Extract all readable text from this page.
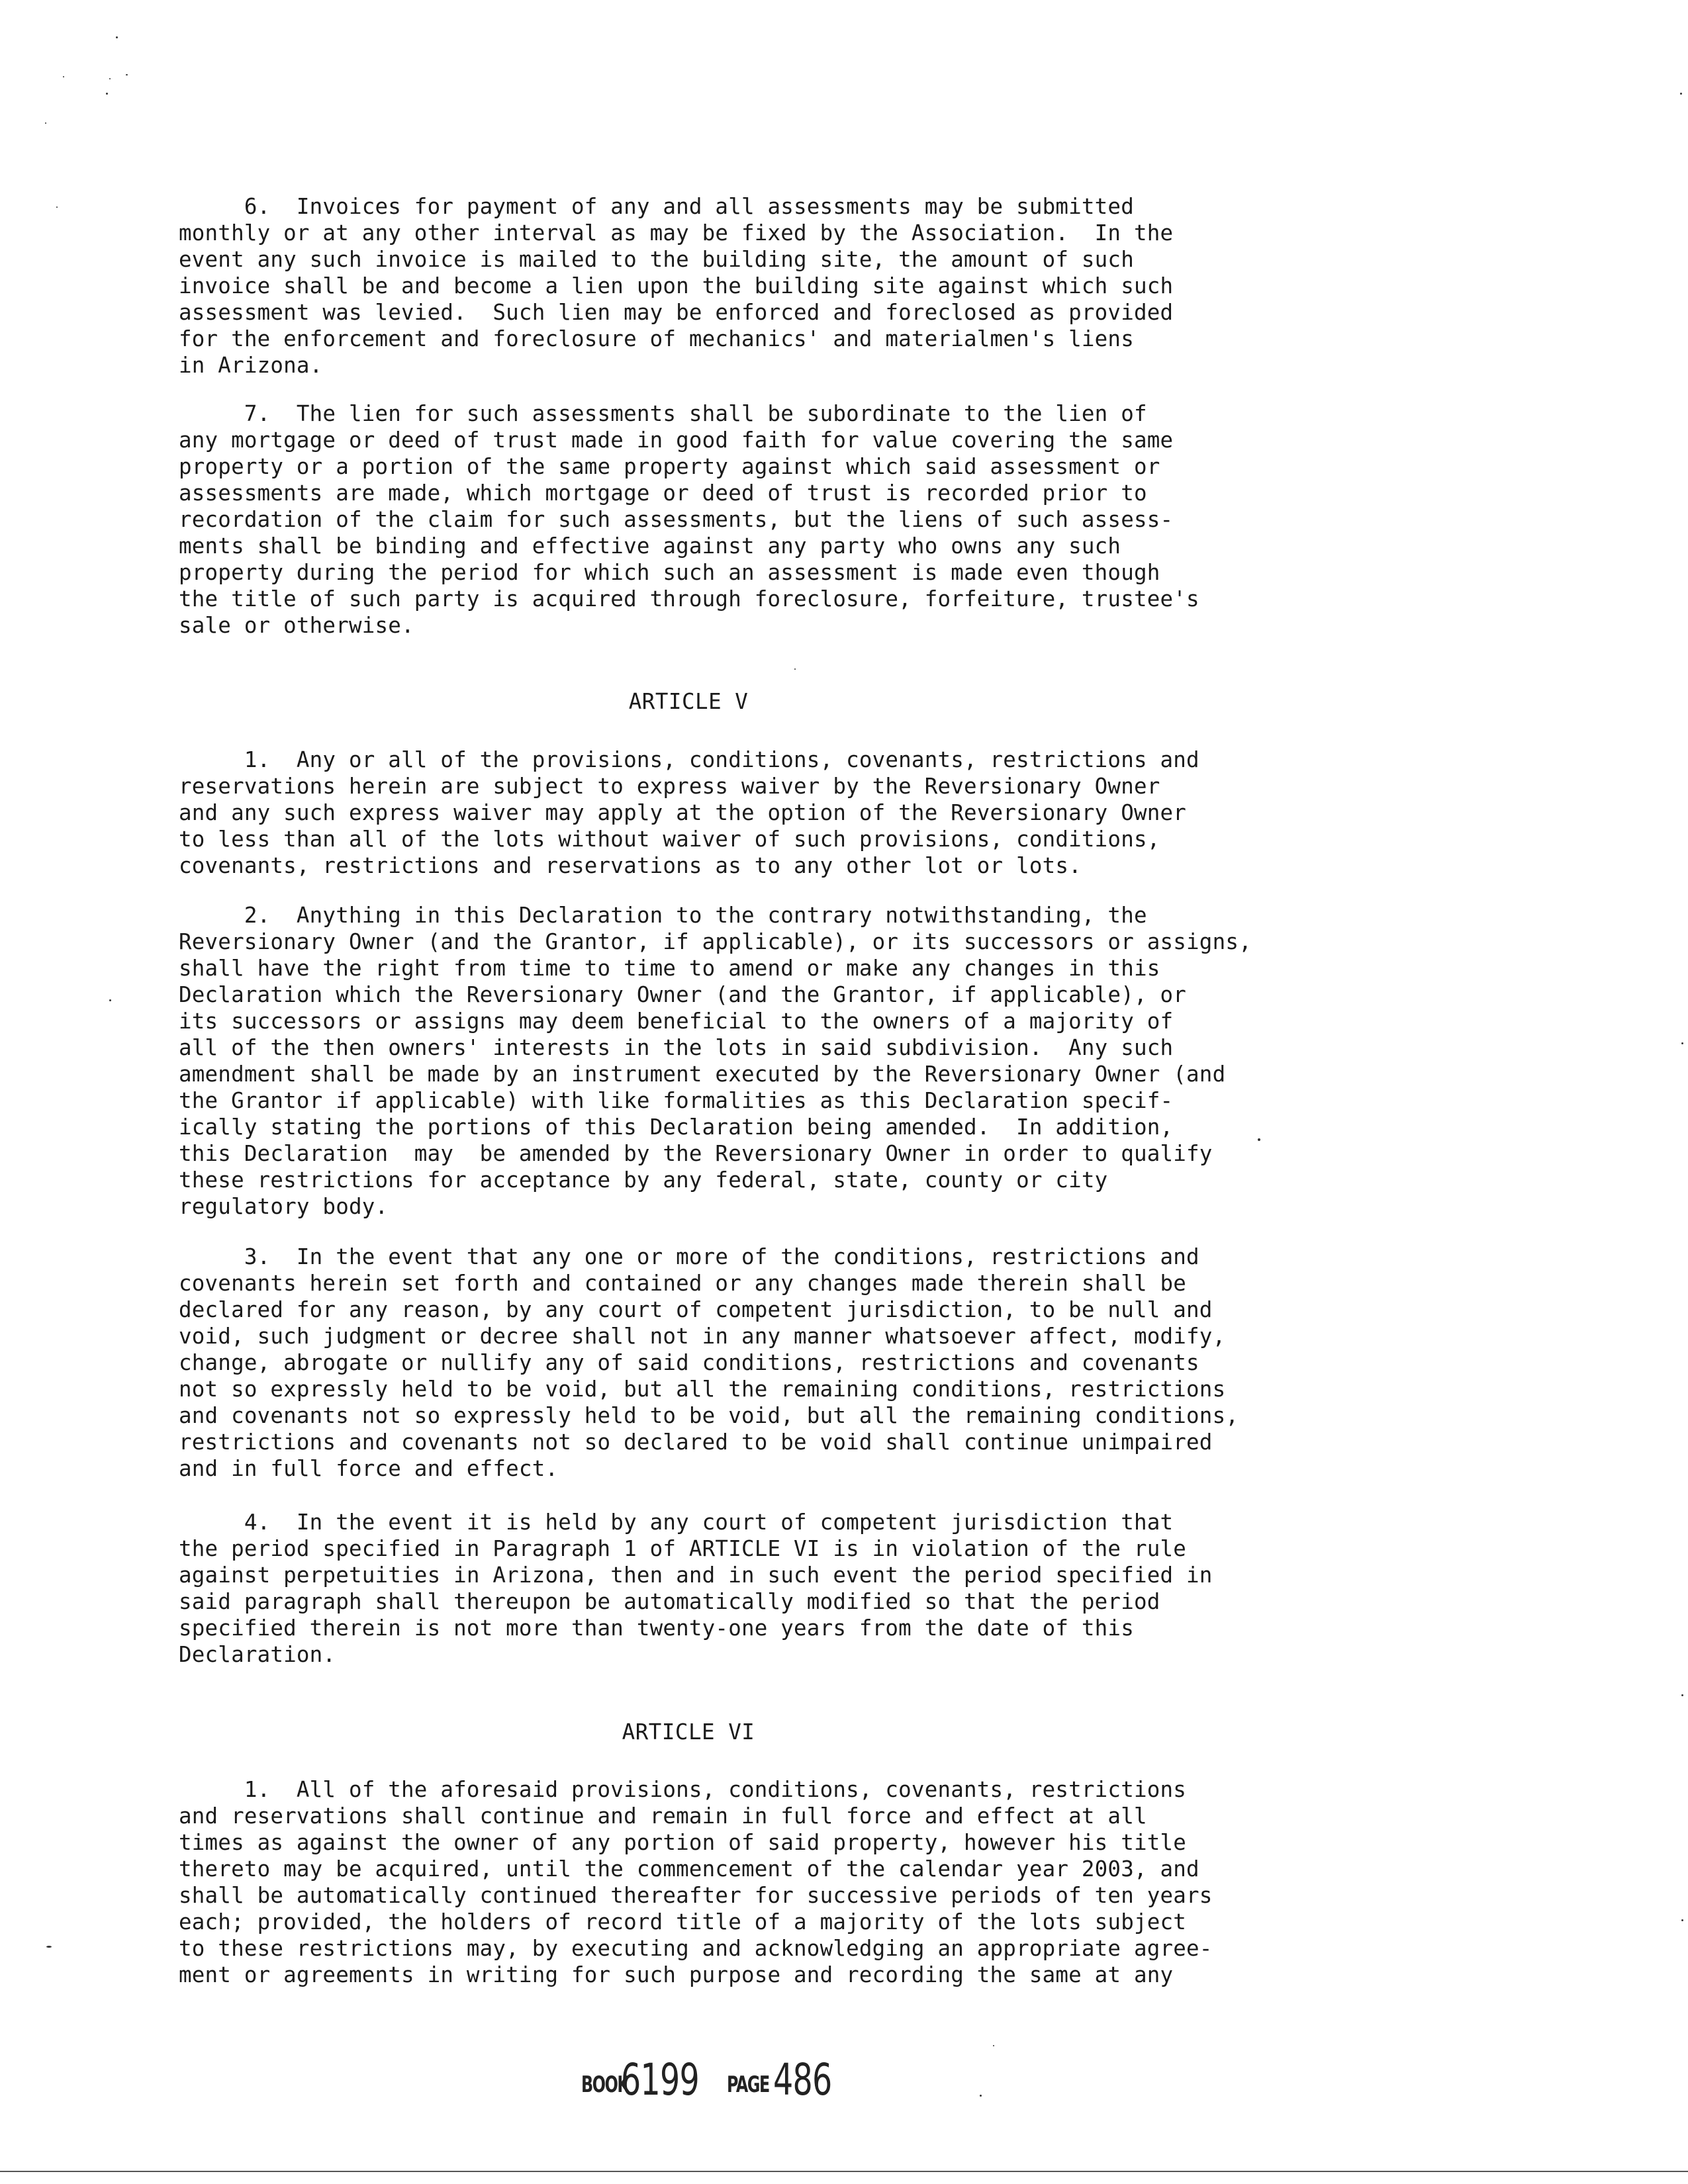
6.  Invoices for payment of any and all assessments may be submitted
monthly or at any other interval as may be fixed by the Association.  In the
event any such invoice is mailed to the building site, the amount of such
invoice shall be and become a lien upon the building site against which such
assessment was levied.  Such lien may be enforced and foreclosed as provided
for the enforcement and foreclosure of mechanics' and materialmen's liens
in Arizona.
7.  The lien for such assessments shall be subordinate to the lien of
any mortgage or deed of trust made in good faith for value covering the same
property or a portion of the same property against which said assessment or
assessments are made, which mortgage or deed of trust is recorded prior to
recordation of the claim for such assessments, but the liens of such assess-
ments shall be binding and effective against any party who owns any such
property during the period for which such an assessment is made even though
the title of such party is acquired through foreclosure, forfeiture, trustee's
sale or otherwise.
ARTICLE V
1.  Any or all of the provisions, conditions, covenants, restrictions and
reservations herein are subject to express waiver by the Reversionary Owner
and any such express waiver may apply at the option of the Reversionary Owner
to less than all of the lots without waiver of such provisions, conditions,
covenants, restrictions and reservations as to any other lot or lots.
2.  Anything in this Declaration to the contrary notwithstanding, the
Reversionary Owner (and the Grantor, if applicable), or its successors or assigns,
shall have the right from time to time to amend or make any changes in this
Declaration which the Reversionary Owner (and the Grantor, if applicable), or
its successors or assigns may deem beneficial to the owners of a majority of
all of the then owners' interests in the lots in said subdivision.  Any such
amendment shall be made by an instrument executed by the Reversionary Owner (and
the Grantor if applicable) with like formalities as this Declaration specif-
ically stating the portions of this Declaration being amended.  In addition,
this Declaration  may  be amended by the Reversionary Owner in order to qualify
these restrictions for acceptance by any federal, state, county or city
regulatory body.
3.  In the event that any one or more of the conditions, restrictions and
covenants herein set forth and contained or any changes made therein shall be
declared for any reason, by any court of competent jurisdiction, to be null and
void, such judgment or decree shall not in any manner whatsoever affect, modify,
change, abrogate or nullify any of said conditions, restrictions and covenants
not so expressly held to be void, but all the remaining conditions, restrictions
and covenants not so expressly held to be void, but all the remaining conditions,
restrictions and covenants not so declared to be void shall continue unimpaired
and in full force and effect.
4.  In the event it is held by any court of competent jurisdiction that
the period specified in Paragraph 1 of ARTICLE VI is in violation of the rule
against perpetuities in Arizona, then and in such event the period specified in
said paragraph shall thereupon be automatically modified so that the period
specified therein is not more than twenty-one years from the date of this
Declaration.
ARTICLE VI
1.  All of the aforesaid provisions, conditions, covenants, restrictions
and reservations shall continue and remain in full force and effect at all
times as against the owner of any portion of said property, however his title
thereto may be acquired, until the commencement of the calendar year 2003, and
shall be automatically continued thereafter for successive periods of ten years
each; provided, the holders of record title of a majority of the lots subject
to these restrictions may, by executing and acknowledging an appropriate agree-
ment or agreements in writing for such purpose and recording the same at any
BOOK
6199 PAGE 486
